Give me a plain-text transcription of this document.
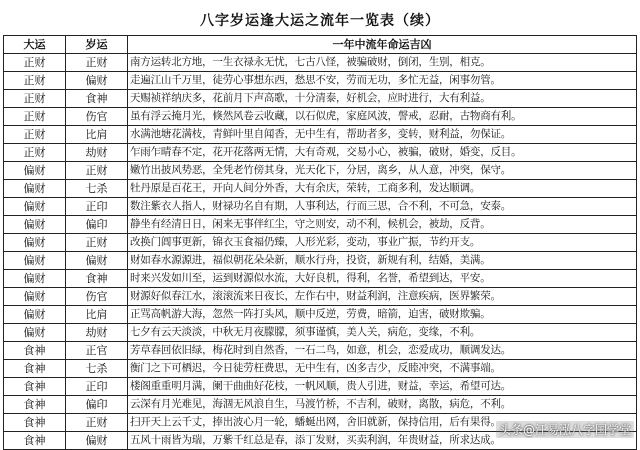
八字岁运逢大运之流年一览表（续）
大运	岁运	一年中流年命运吉凶
正财	正财	南方运转北方地，一生衣禄永无忧，七古八怪，被骗破财，倒闭，生别，相克。
正财	偏财	走遍江山千万里，徒劳心事想东西，愁思不安，劳而无功，多忙无益，闲事勿管。
正财	食神	天赐祯祥纳庆多，花前月下声高歌，十分清泰，好机会，应时进行，大有利益。
正财	伤官	虽有浮云掩月光，倏然风卷云收藏，以石似虎，家庭风波，謦戒，忍耐，古物商有利。
正财	比肩	水满池塘花满枝，青鲜叶里自闻香，无中生有，帮助者多，变转，财利益，勿保证。
正财	劫财	乍雨乍晴春不定，花开花落两无情，大有奇观，交易小心，被骗，破财，婚变，反目。
偏财	正财	嫩竹出披风势恶，全凭老竹傍其身，光天化下，分居，离乡，从人意，冲突，保守。
偏财	七杀	牡丹原是百花王，开向人间分外香，大有余庆，荣转，工商多利，发达顺调。
偏财	正印	数注紫衣人指人，财禄功名自有期，人事利达，行而三思，合不利，不可急，安泰。
偏财	偏印	静坐有经清日日，闲来无事伴红尘，守之则安，动不利，候机会，被劫，反背。
偏财	正财	改换门阊事更新，锦衣玉食福仍臻，人形光彩，变动，事业广振，节约开支。
偏财	偏财	财如春水源源进，福似朝花朵朵新，顺水行舟，投资，新规有利，结婚，美满。
偏财	食神	时来兴发如川至，运到财源似水流，大好良机，得利，名誉，希望到达，平安。
偏财	伤官	财源好似春江水，滚滚流来日夜长，左作右中，财益利润，注意疾病，医界繁荣。
偏财	比肩	正骂高帆游大海，忽然一阵打头风，顺中反逆，劳费，暗箭，迫害，破财欺骗。
偏财	劫财	七夕有云天淡淡，中秋无月夜朦朦，须事谨慎，美人关，病危，变缘，不利。
食神	正官	芳草春回依旧绿，梅花时到自然香，一石二鸟，如意，机会，恋爱成功，顺调发达。
食神	七杀	衡门之下可栖迟，今日徒劳枉费思，无中生有，凶多吉少，反睦冲突，不满事端。
食神	正印	楼阁重重明月满，阑干曲曲好花枝，一帆风顺，贵人引进，财益，幸运，希望可达。
食神	偏印	云深有月光难见，海涸无风浪自生，马渡竹桥，不吉利，破财，离散，病危，不利。
食神	正财	扫开天上云千丈，捧出波心月一轮，蟠蜒出网，舍旧就新，保持信用，后有果得。
食神	偏财	五风十雨皆为瑞，万紫千红总是春，添丁发财，买卖利润，年贵财益，所求达成。
头条@汪易泓八字国学堂
